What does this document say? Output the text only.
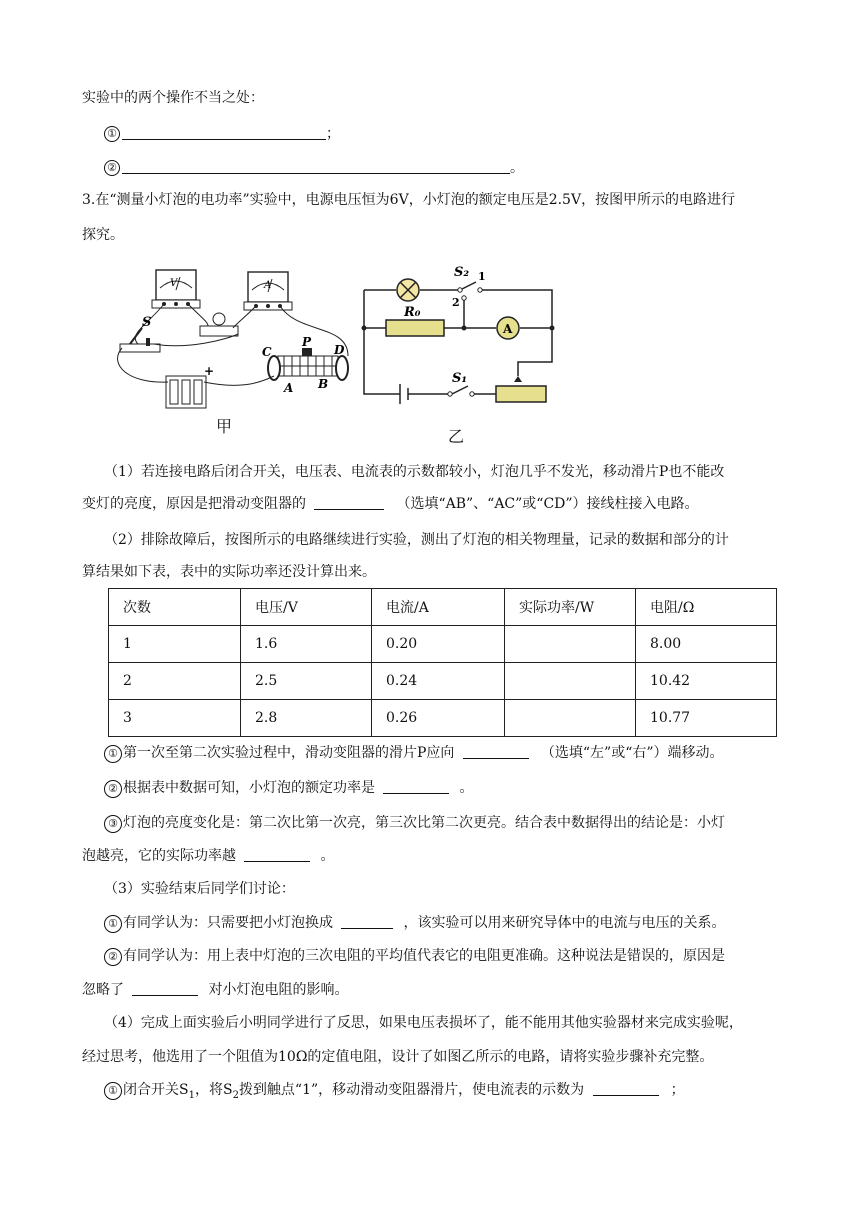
实验中的两个操作不当之处：
①	；
②	。
3.在“测量小灯泡的电功率”实验中，电源电压恒为6V，小灯泡的额定电压是2.5V，按图甲所示的电路进行
探究。
V	A
S
+
C
P
D
A B
甲
S₂ 1
2
R₀
A
S₁
乙
（1）若连接电路后闭合开关，电压表、电流表的示数都较小，灯泡几乎不发光，移动滑片P也不能改
变灯的亮度，原因是把滑动变阻器的	（选填“AB”、“AC”或“CD”）接线柱接入电路。
（2）排除故障后，按图所示的电路继续进行实验，测出了灯泡的相关物理量，记录的数据和部分的计
算结果如下表，表中的实际功率还没计算出来。
次数	电压/V	电流/A	实际功率/W	电阻/Ω
1	1.6	0.20		8.00
2	2.5	0.24		10.42
3	2.8	0.26		10.77
① 第一次至第二次实验过程中，滑动变阻器的滑片P应向	（选填“左”或“右”）端移动。
② 根据表中数据可知，小灯泡的额定功率是	。
③ 灯泡的亮度变化是：第二次比第一次亮，第三次比第二次更亮。结合表中数据得出的结论是：小灯
泡越亮，它的实际功率越	。
（3）实验结束后同学们讨论：
① 有同学认为：只需要把小灯泡换成	，该实验可以用来研究导体中的电流与电压的关系。
② 有同学认为：用上表中灯泡的三次电阻的平均值代表它的电阻更准确。这种说法是错误的，原因是
忽略了	对小灯泡电阻的影响。
（4）完成上面实验后小明同学进行了反思，如果电压表损坏了，能不能用其他实验器材来完成实验呢，
经过思考，他选用了一个阻值为10Ω的定值电阻，设计了如图乙所示的电路，请将实验步骤补充完整。
① 闭合开关$S_1$，将$S_2$拨到触点“1”，移动滑动变阻器滑片，使电流表的示数为	；
